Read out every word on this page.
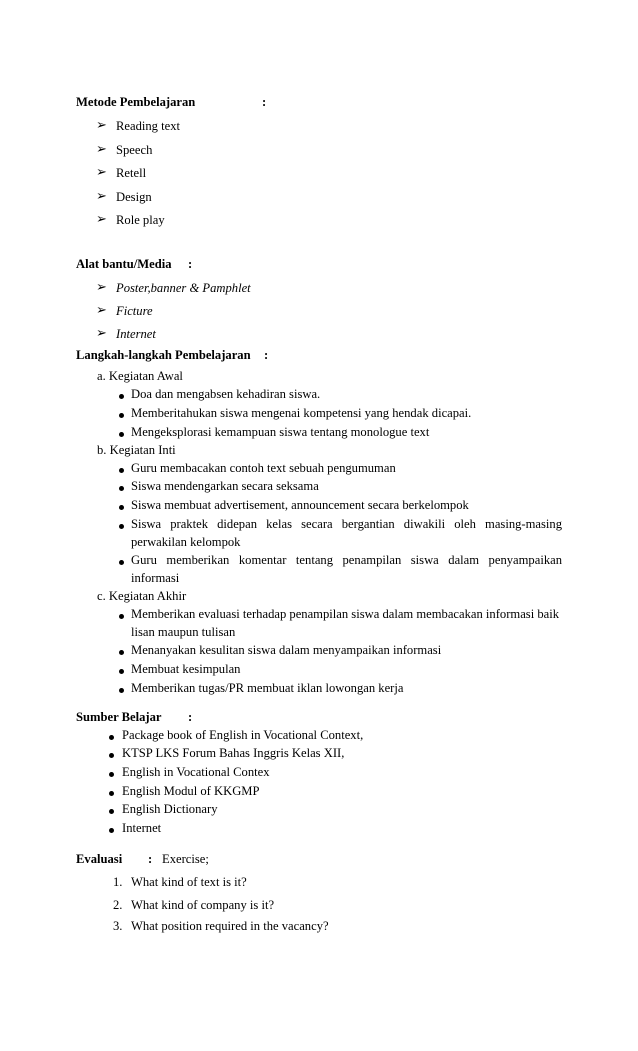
Metode Pembelajaran	:
➢ Reading text
➢ Speech
➢ Retell
➢ Design
➢ Role play
Alat bantu/Media :
➢ Poster,banner & Pamphlet
➢ Ficture
➢ Internet
Langkah-langkah Pembelajaran :
a. Kegiatan Awal
Doa dan mengabsen kehadiran siswa.
Memberitahukan siswa mengenai kompetensi yang hendak dicapai.
Mengeksplorasi kemampuan siswa tentang monologue text
b. Kegiatan Inti
Guru membacakan contoh text sebuah pengumuman
Siswa mendengarkan secara seksama
Siswa membuat advertisement, announcement secara berkelompok
Siswa praktek didepan kelas secara bergantian diwakili oleh masing-masing
perwakilan kelompok
Guru memberikan komentar tentang penampilan siswa dalam penyampaikan
informasi
c. Kegiatan Akhir
Memberikan evaluasi terhadap penampilan siswa dalam membacakan informasi baik
lisan maupun tulisan
Menanyakan kesulitan siswa dalam menyampaikan informasi
Membuat kesimpulan
Memberikan tugas/PR membuat iklan lowongan kerja
Sumber Belajar :
Package book of English in Vocational Context,
KTSP LKS Forum Bahas Inggris Kelas XII,
English in Vocational Contex
English Modul of KKGMP
English Dictionary
Internet
Evaluasi : Exercise;
1. What kind of text is it?
2. What kind of company is it?
3. What position required in the vacancy?
